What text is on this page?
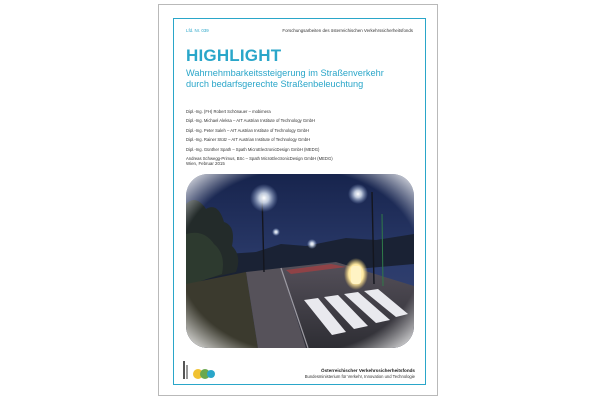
Lfd. Nr. 039	Forschungsarbeiten des österreichischen Verkehrssicherheitsfonds
HIGHLIGHT
Wahrnehmbarkeitssteigerung im Straßenverkehr
durch bedarfsgerechte Straßenbeleuchtung
Dipl.-Ing. (FH) Robert Schönauer – mobimera
Dipl.-Ing. Michael Aleksa – AIT Austrian Institute of Technology GmbH
Dipl.-Ing. Peter Saleh – AIT Austrian Institute of Technology GmbH
Dipl.-Ing. Rainer Stütz – AIT Austrian Institute of Technology GmbH
Dipl.-Ing. Günther Spath – Spath MicroElectronicDesign GmbH (MEDG)
Andreas Schwegg-Primus, BSc – Spath MicroElectronicDesign GmbH (MEDG)
Wien, Februar 2015
Österreichischer Verkehrssicherheitsfonds
Bundesministerium für Verkehr, Innovation und Technologie
